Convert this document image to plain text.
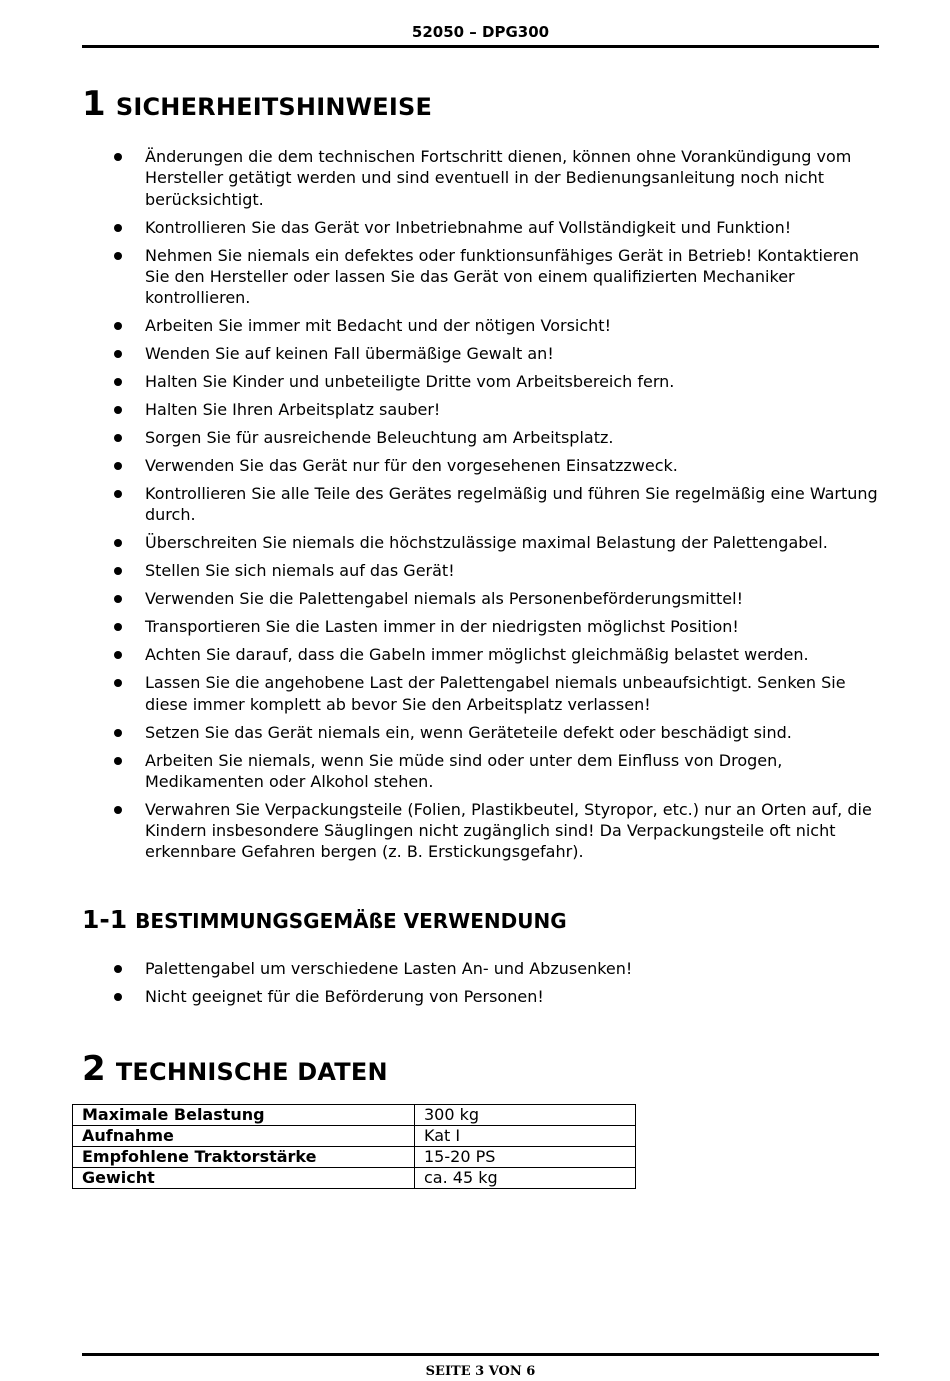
52050 – DPG300
1 SICHERHEITSHINWEISE
Änderungen die dem technischen Fortschritt dienen, können ohne Vorankündigung vom Hersteller getätigt werden und sind eventuell in der Bedienungsanleitung noch nicht berücksichtigt.
Kontrollieren Sie das Gerät vor Inbetriebnahme auf Vollständigkeit und Funktion!
Nehmen Sie niemals ein defektes oder funktionsunfähiges Gerät in Betrieb! Kontaktieren Sie den Hersteller oder lassen Sie das Gerät von einem qualifizierten Mechaniker kontrollieren.
Arbeiten Sie immer mit Bedacht und der nötigen Vorsicht!
Wenden Sie auf keinen Fall übermäßige Gewalt an!
Halten Sie Kinder und unbeteiligte Dritte vom Arbeitsbereich fern.
Halten Sie Ihren Arbeitsplatz sauber!
Sorgen Sie für ausreichende Beleuchtung am Arbeitsplatz.
Verwenden Sie das Gerät nur für den vorgesehenen Einsatzzweck.
Kontrollieren Sie alle Teile des Gerätes regelmäßig und führen Sie regelmäßig eine Wartung durch.
Überschreiten Sie niemals die höchstzulässige maximal Belastung der Palettengabel.
Stellen Sie sich niemals auf das Gerät!
Verwenden Sie die Palettengabel niemals als Personenbeförderungsmittel!
Transportieren Sie die Lasten immer in der niedrigsten möglichst Position!
Achten Sie darauf, dass die Gabeln immer möglichst gleichmäßig belastet werden.
Lassen Sie die angehobene Last der Palettengabel niemals unbeaufsichtigt. Senken Sie diese immer komplett ab bevor Sie den Arbeitsplatz verlassen!
Setzen Sie das Gerät niemals ein, wenn Geräteteile defekt oder beschädigt sind.
Arbeiten Sie niemals, wenn Sie müde sind oder unter dem Einfluss von Drogen, Medikamenten oder Alkohol stehen.
Verwahren Sie Verpackungsteile (Folien, Plastikbeutel, Styropor, etc.) nur an Orten auf, die Kindern insbesondere Säuglingen nicht zugänglich sind! Da Verpackungsteile oft nicht erkennbare Gefahren bergen (z. B. Erstickungsgefahr).
1-1 BESTIMMUNGSGEMÄßE VERWENDUNG
Palettengabel um verschiedene Lasten An- und Abzusenken!
Nicht geeignet für die Beförderung von Personen!
2 TECHNISCHE DATEN
Maximale Belastung	300 kg
Aufnahme	Kat I
Empfohlene Traktorstärke	15-20 PS
Gewicht	ca. 45 kg
SEITE 3 VON 6
